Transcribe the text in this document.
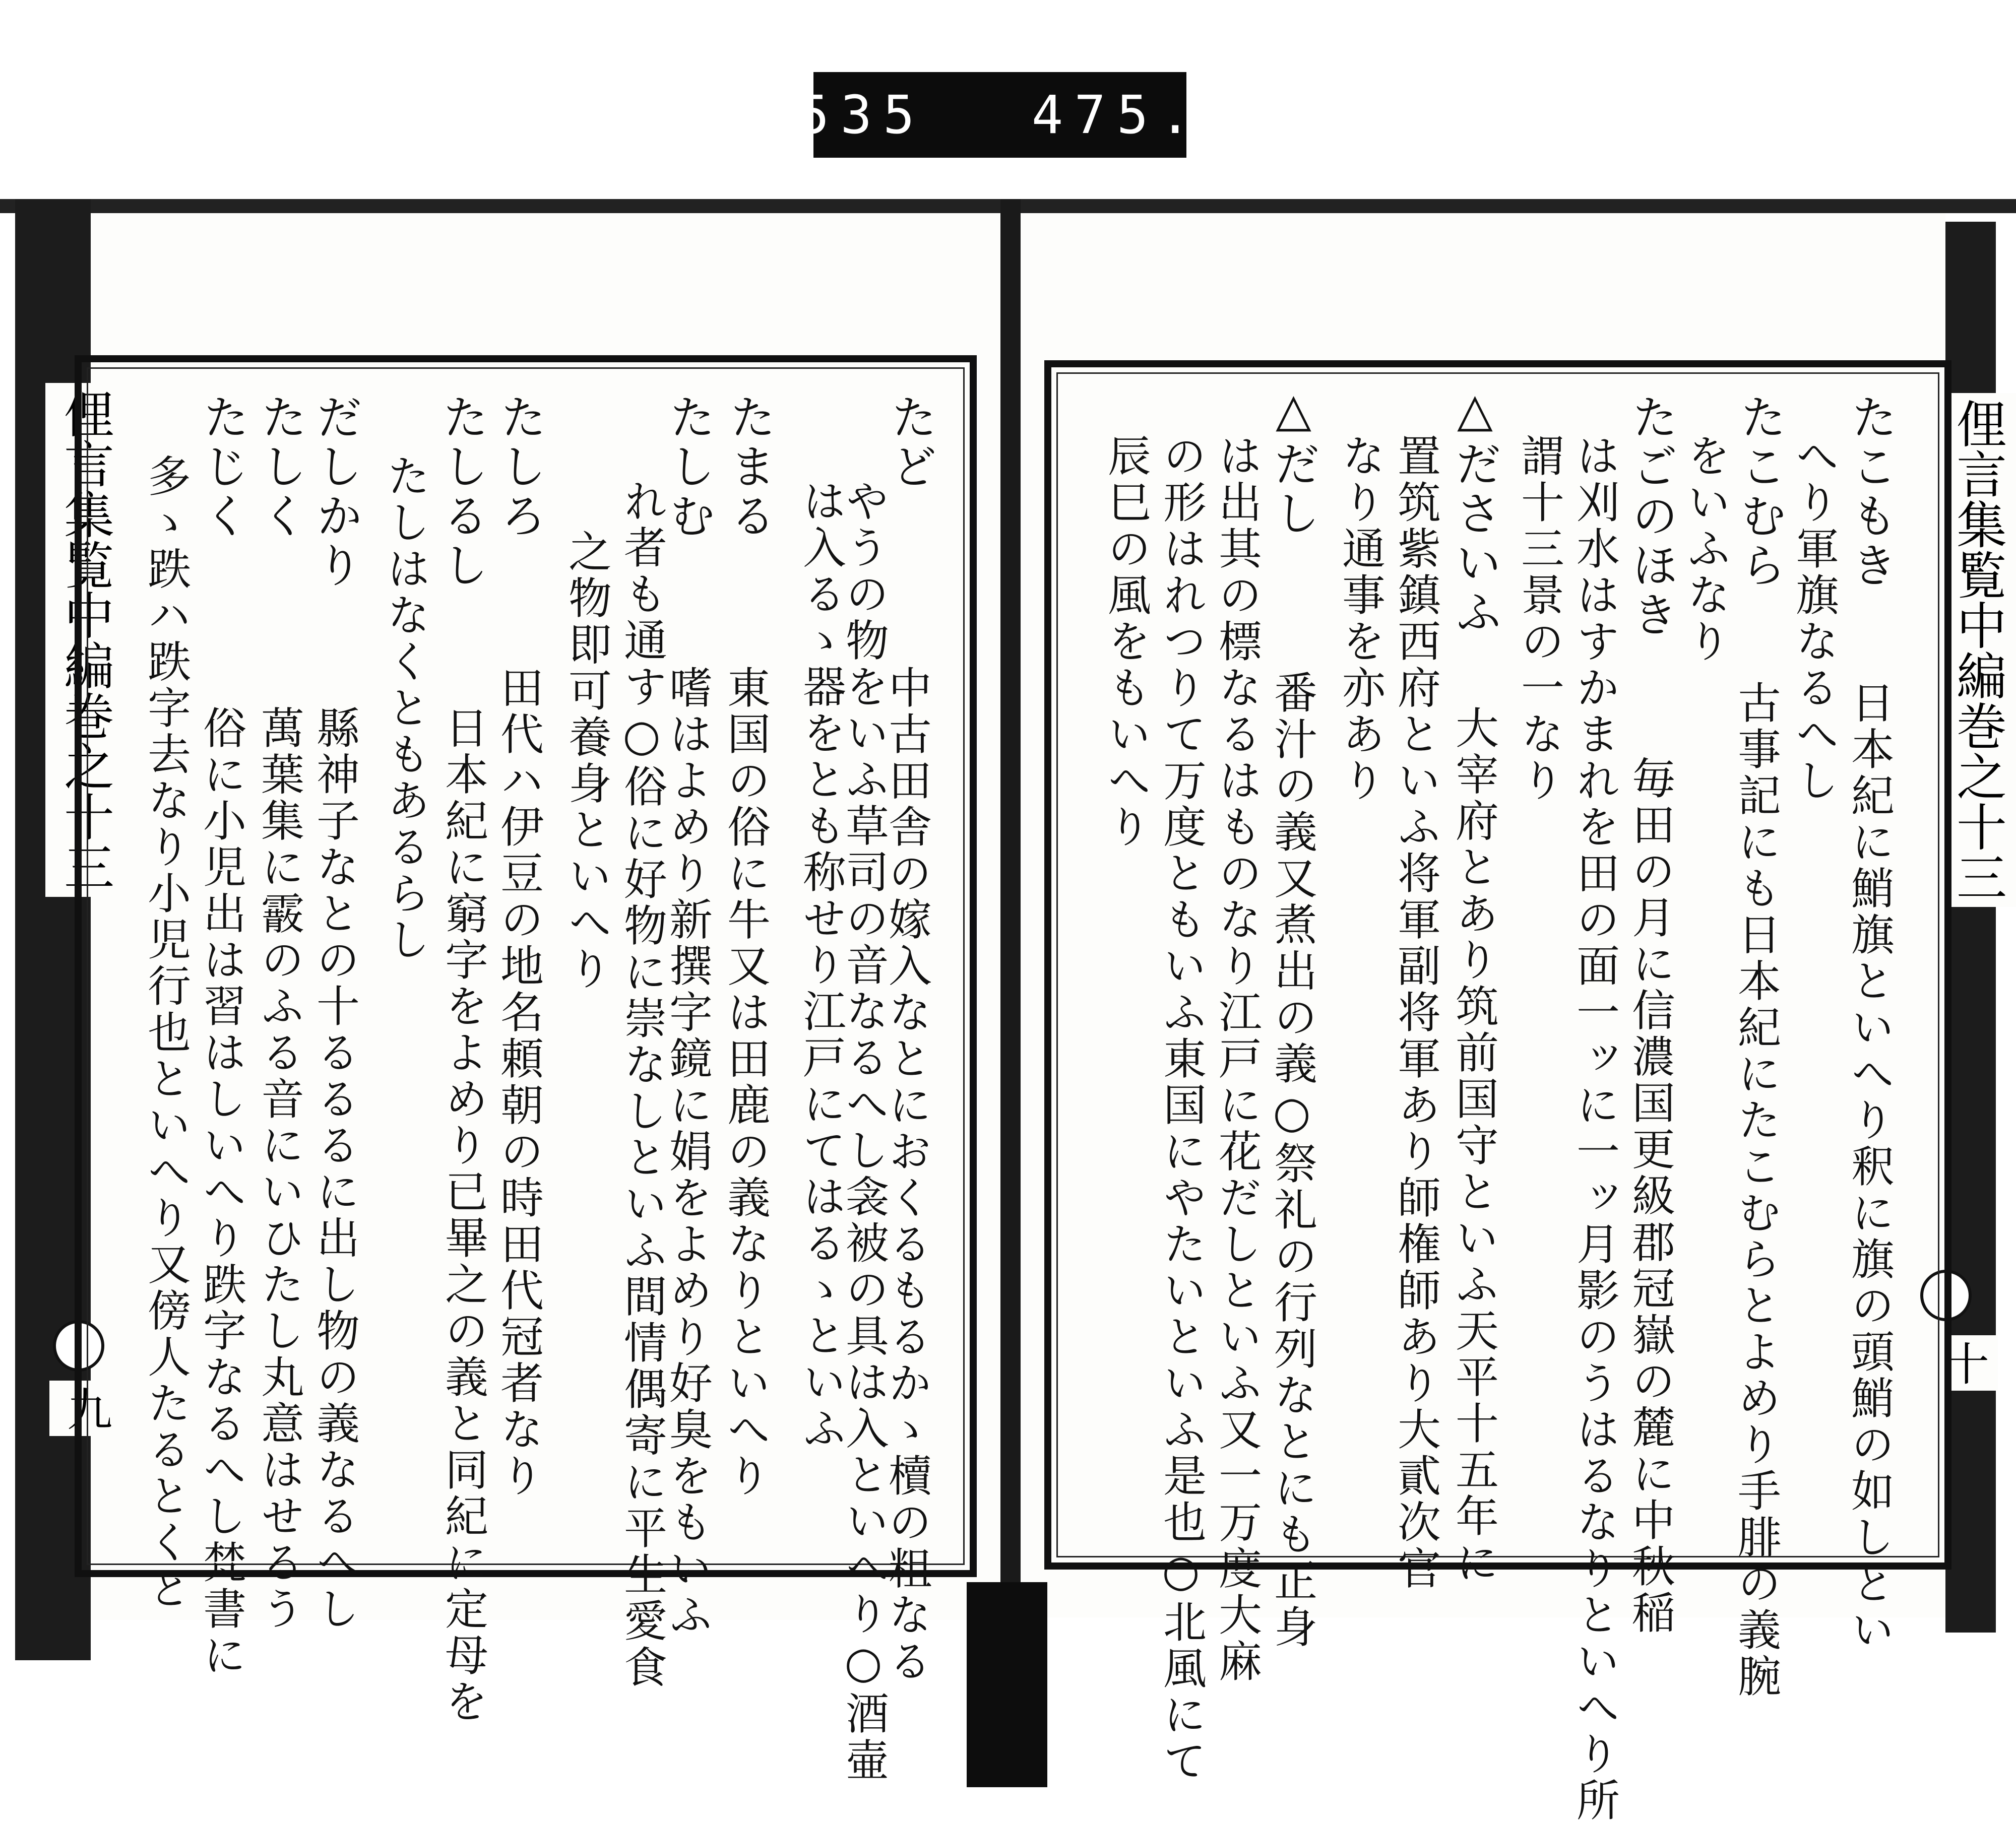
535 475.
俚言集覧中編巻之十三
九
たど
中古田舎の嫁入なとにおくるもるかゝ櫝の粗なる
やうの物をいふ草司の音なるへし衾被の具は入といへり○酒壷
は入るゝ器をとも称せり江戸にてはるゝといふ
たまる
東国の俗に牛又は田鹿の義なりといへり
たしむ
嗜はよめり新撰字鏡に娟をよめり好臭をもいふ
れ者も通す○俗に好物に崇なしといふ間情偶寄に平生愛食
之物即可養身といへり
たしろ
田代ハ伊豆の地名頼朝の時田代冠者なり
日本紀に窮字をよめり已畢之の義と同紀に定母を
たしるし
たしはなくともあるらし
だしかり
縣神子なとの十るるるに出し物の義なるへし
たしく
萬葉集に霰のふる音にいひたし丸意はせるう
たじく
俗に小児出は習はしいへり跌字なるへし梵書に
多ゝ跌ハ跌字去なり小児行也といへり又傍人たるとくと	俚言集覧中編巻之十三
十
たこもき
日本紀に鮹旗といへり釈に旗の頭鮹の如しとい
へり軍旗なるへし
たこむら
古事記にも日本紀にたこむらとよめり手腓の義腕
をいふなり
たごのほき
毎田の月に信濃国更級郡冠嶽の麓に中秋稲
は刈水はすかまれを田の面一ッに一ッ月影のうはるなりといへり所
謂十三景の一なり
△ださいふ
大宰府とあり筑前国守といふ天平十五年に
置筑紫鎮西府といふ将軍副将軍あり師権師あり大貳次官
なり通事を亦あり
△だし
番汁の義又煮出の義○祭礼の行列なとにも正身
は出其の標なるはものなり江戸に花だしといふ又一万度大麻
の形はれつりて万度ともいふ東国にやたいといふ是也○北風にて
辰巳の風をもいへり
